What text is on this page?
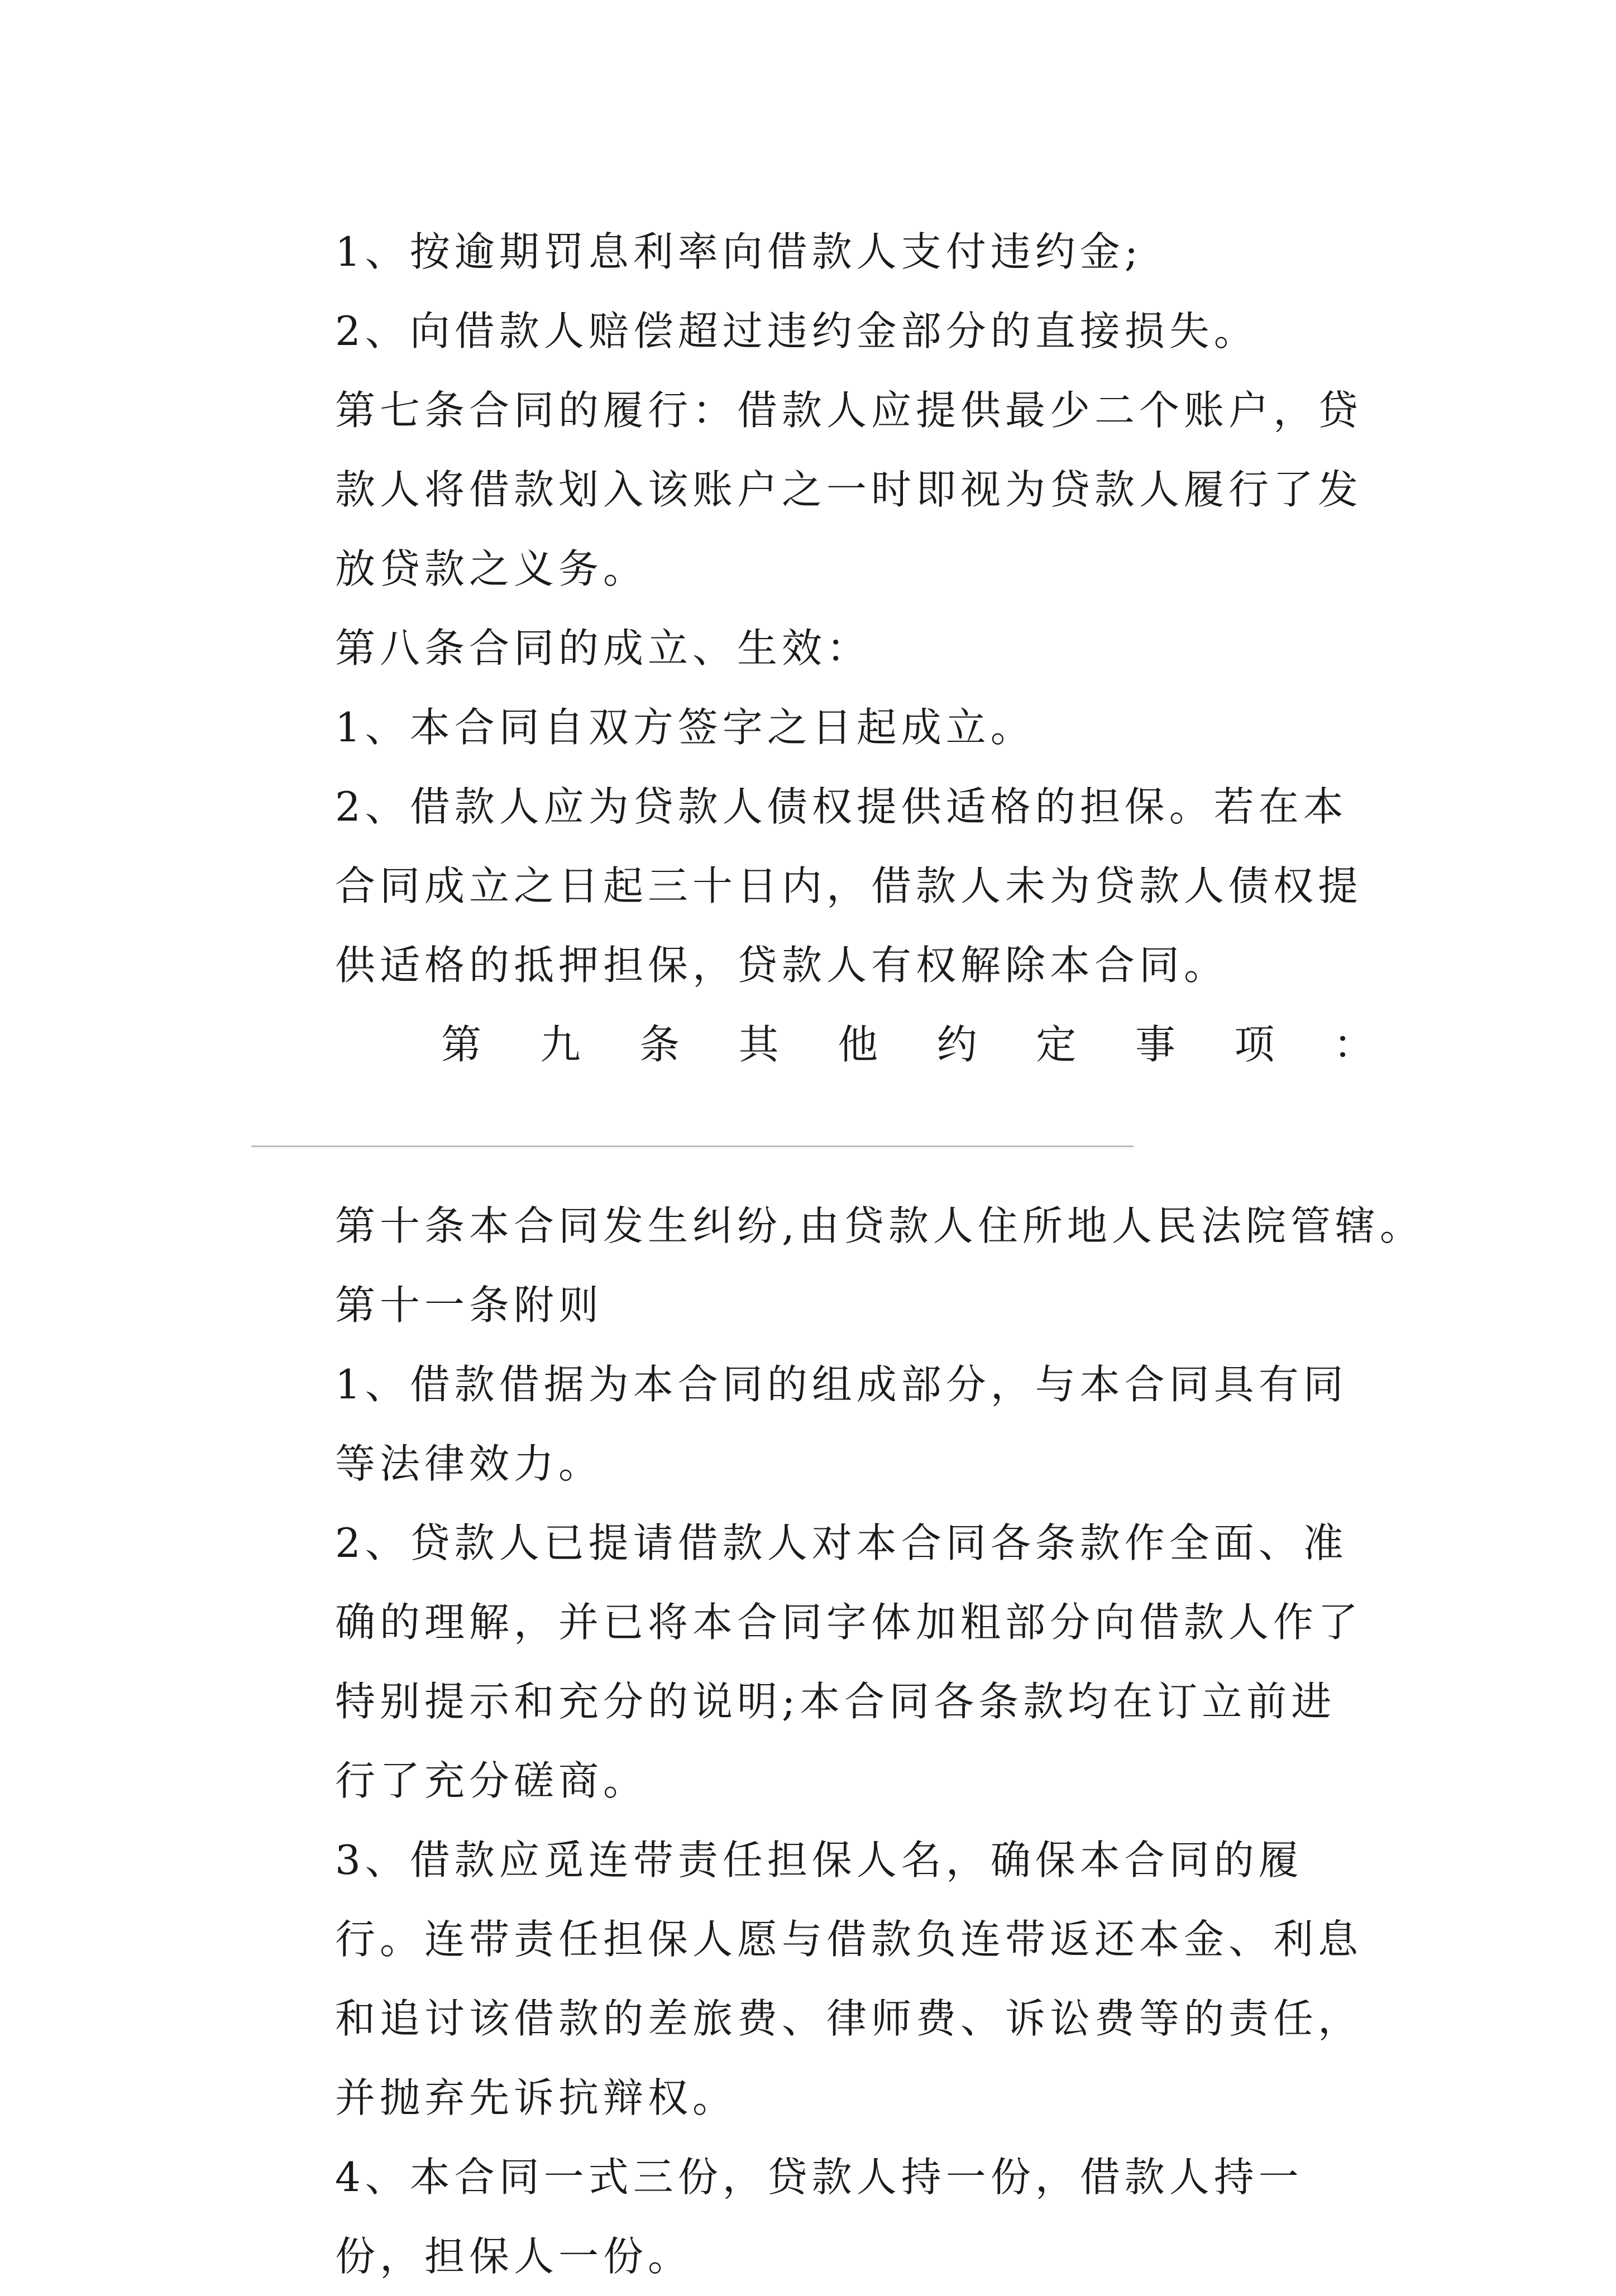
1、按逾期罚息利率向借款人支付违约金;

2、向借款人赔偿超过违约金部分的直接损失。

第七条合同的履行：借款人应提供最少二个账户，贷款人将借款划入该账户之一时即视为贷款人履行了发放贷款之义务。

第八条合同的成立、生效：

1、本合同自双方签字之日起成立。

2、借款人应为贷款人债权提供适格的担保。若在本合同成立之日起三十日内，借款人未为贷款人债权提供适格的抵押担保，贷款人有权解除本合同。

第 九 条 其 他 约 定 事 项 ：

第十条本合同发生纠纷,由贷款人住所地人民法院管辖。

第十一条附则

1、借款借据为本合同的组成部分，与本合同具有同等法律效力。

2、贷款人已提请借款人对本合同各条款作全面、准确的理解，并已将本合同字体加粗部分向借款人作了特别提示和充分的说明;本合同各条款均在订立前进行了充分磋商。

3、借款应觅连带责任担保人名，确保本合同的履行。连带责任担保人愿与借款负连带返还本金、利息和追讨该借款的差旅费、律师费、诉讼费等的责任，并抛弃先诉抗辩权。

4、本合同一式三份，贷款人持一份，借款人持一份，担保人一份。
